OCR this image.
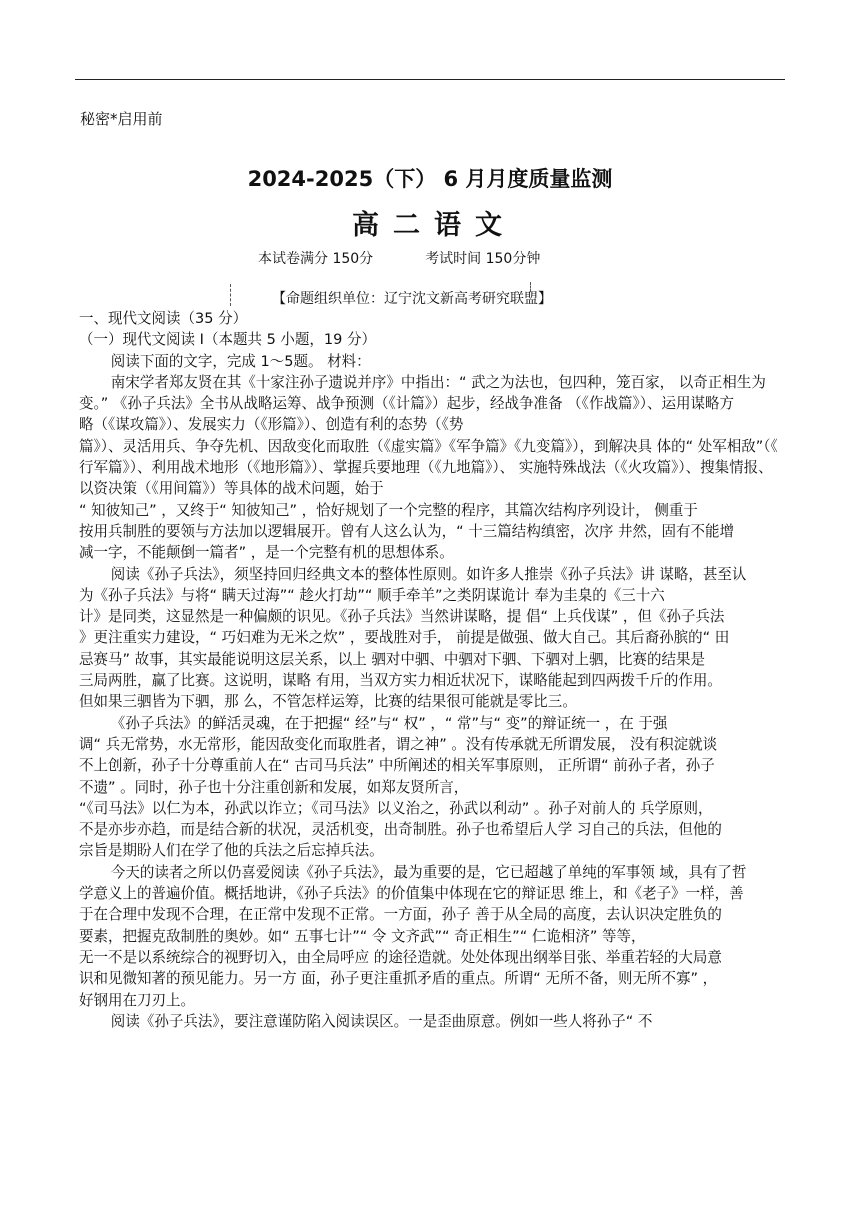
秘密*启用前
2024-2025（下） 6 月月度质量监测
高二语文
本试卷满分 150分	考试时间 150分钟
【命题组织单位：辽宁沈文新高考研究联盟】

一、现代文阅读（35 分）

（一）现代文阅读 I（本题共 5 小题，19 分）

阅读下面的文字，完成 1～5题。 材料：

南宋学者郑友贤在其《十家注孙子遗说并序》中指出：“ 武之为法也，包四种，笼百家， 以奇正相生为

变。” 《孙子兵法》全书从战略运筹、战争预测（《计篇》）起步，经战争准备 （《作战篇》）、运用谋略方

略（《谋攻篇》）、发展实力（《形篇》）、创造有利的态势（《势

篇》）、灵活用兵、争夺先机、因敌变化而取胜（《虚实篇》《军争篇》《九变篇》），到解决具 体的“ 处军相敌”（《

行军篇》）、利用战术地形（《地形篇》）、掌握兵要地理（《九地篇》）、 实施特殊战法（《火攻篇》）、搜集情报、

以资决策（《用间篇》）等具体的战术问题，始于

“ 知彼知己” ，又终于“ 知彼知己” ，恰好规划了一个完整的程序，其篇次结构序列设计， 侧重于

按用兵制胜的要领与方法加以逻辑展开。曾有人这么认为，“ 十三篇结构缜密，次序 井然，固有不能增

减一字，不能颠倒一篇者” ，是一个完整有机的思想体系。

阅读《孙子兵法》，须坚持回归经典文本的整体性原则。如许多人推崇《孙子兵法》讲 谋略，甚至认

为《孙子兵法》与将“ 瞒天过海”“ 趁火打劫”“ 顺手牵羊”之类阴谋诡计 奉为圭臬的《三十六

计》是同类，这显然是一种偏颇的识见。《孙子兵法》当然讲谋略，提 倡“ 上兵伐谋” ，但《孙子兵法

》更注重实力建设，“ 巧妇难为无米之炊” ，要战胜对手， 前提是做强、做大自己。其后裔孙膑的“ 田

忌赛马” 故事，其实最能说明这层关系，以上 驷对中驷、中驷对下驷、下驷对上驷，比赛的结果是

三局两胜，赢了比赛。这说明，谋略 有用，当双方实力相近状况下，谋略能起到四两拨千斤的作用。

但如果三驷皆为下驷，那 么，不管怎样运筹，比赛的结果很可能就是零比三。

《孙子兵法》的鲜活灵魂，在于把握“ 经”与“ 权” ，“ 常”与“ 变”的辩证统一 ，在 于强

调“ 兵无常势，水无常形，能因敌变化而取胜者，谓之神” 。没有传承就无所谓发展， 没有积淀就谈

不上创新，孙子十分尊重前人在“ 古司马兵法” 中所阐述的相关军事原则， 正所谓“ 前孙子者，孙子

不遗” 。同时，孙子也十分注重创新和发展，如郑友贤所言，

“《司马法》以仁为本，孙武以诈立；《司马法》以义治之，孙武以利动” 。孙子对前人的 兵学原则，

不是亦步亦趋，而是结合新的状况，灵活机变，出奇制胜。孙子也希望后人学 习自己的兵法，但他的

宗旨是期盼人们在学了他的兵法之后忘掉兵法。

今天的读者之所以仍喜爱阅读《孙子兵法》，最为重要的是，它已超越了单纯的军事领 域，具有了哲

学意义上的普遍价值。概括地讲，《孙子兵法》的价值集中体现在它的辩证思 维上，和《老子》一样，善

于在合理中发现不合理，在正常中发现不正常。一方面，孙子 善于从全局的高度，去认识决定胜负的

要素，把握克敌制胜的奥妙。如“ 五事七计”“ 令 文齐武”“ 奇正相生”“ 仁诡相济” 等等，

无一不是以系统综合的视野切入，由全局呼应 的途径造就。处处体现出纲举目张、举重若轻的大局意

识和见微知著的预见能力。另一方 面，孙子更注重抓矛盾的重点。所谓“ 无所不备，则无所不寡” ，

好钢用在刀刃上。

阅读《孙子兵法》，要注意谨防陷入阅读误区。一是歪曲原意。例如一些人将孙子“ 不
